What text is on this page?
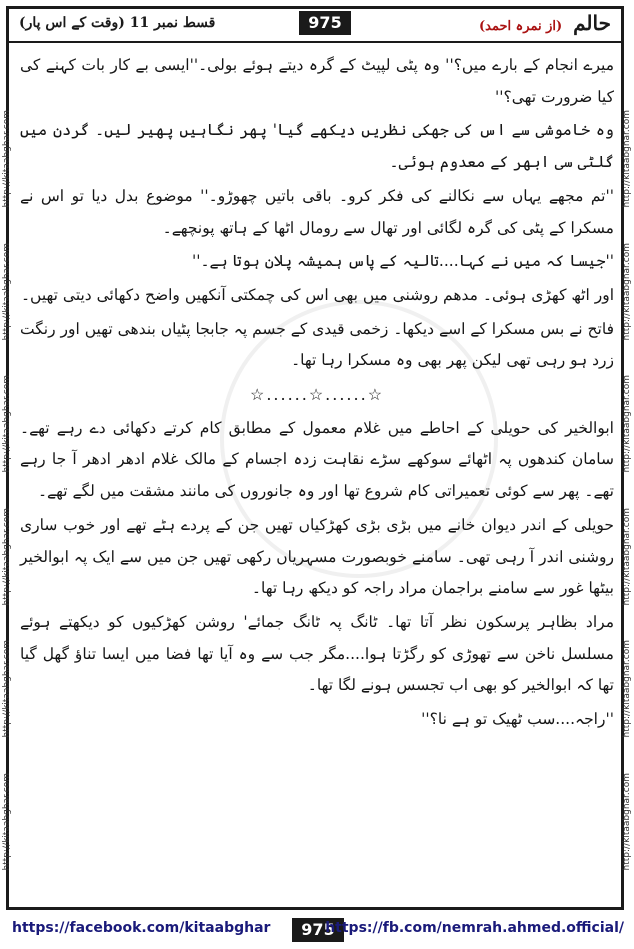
حالم (از نمرہ احمد)
975
قسط نمبر 11 (وقت کے اس پار)
http://kitaabghar.com
http://kitaabghar.com
http://kitaabghar.com
http://kitaabghar.com
http://kitaabghar.com
http://kitaabghar.com
http://kitaabghar.com
http://kitaabghar.com
http://kitaabghar.com
http://kitaabghar.com
http://kitaabghar.com
http://kitaabghar.com

میرے انجام کے بارے میں؟'' وہ پٹی لپیٹ کے گرہ دیتے ہوئے بولی۔''ایسی بے کار بات کہنے کی کیا ضرورت تھی؟''

وہ خاموشی سے اس کی جھکی نظریں دیکھے گیا' پھر نگاہیں پھیر لیں۔ گردن میں گلٹی سی ابھر کے معدوم ہوئی۔

''تم مجھے یہاں سے نکالنے کی فکر کرو۔ باقی باتیں چھوڑو۔'' موضوع بدل دیا تو اس نے مسکرا کے پٹی کی گرہ لگائی اور تھال سے رومال اٹھا کے ہاتھ پونچھے۔

''جیسا کہ میں نے کہا....تالیہ کے پاس ہمیشہ پلان ہوتا ہے۔''

اور اٹھ کھڑی ہوئی۔ مدھم روشنی میں بھی اس کی چمکتی آنکھیں واضح دکھائی دیتی تھیں۔

فاتح نے بس مسکرا کے اسے دیکھا۔ زخمی قیدی کے جسم پہ جابجا پٹیاں بندھی تھیں اور رنگت زرد ہو رہی تھی لیکن پھر بھی وہ مسکرا رہا تھا۔

☆......☆......☆

ابوالخیر کی حویلی کے احاطے میں غلام معمول کے مطابق کام کرتے دکھائی دے رہے تھے۔ سامان کندھوں پہ اٹھائے سوکھے سڑے نقاہت زدہ اجسام کے مالک غلام ادھر ادھر آ جا رہے تھے۔ پھر سے کوئی تعمیراتی کام شروع تھا اور وہ جانوروں کی مانند مشقت میں لگے تھے۔

حویلی کے اندر دیوان خانے میں بڑی بڑی کھڑکیاں تھیں جن کے پردے ہٹے تھے اور خوب ساری روشنی اندر آ رہی تھی۔ سامنے خوبصورت مسہریاں رکھی تھیں جن میں سے ایک پہ ابوالخیر بیٹھا غور سے سامنے براجمان مراد راجہ کو دیکھ رہا تھا۔

مراد بظاہر پرسکون نظر آتا تھا۔ ٹانگ پہ ٹانگ جمائے' روشن کھڑکیوں کو دیکھتے ہوئے مسلسل ناخن سے تھوڑی کو رگڑتا ہوا....مگر جب سے وہ آیا تھا فضا میں ایسا تناؤ گھل گیا تھا کہ ابوالخیر کو بھی اب تجسس ہونے لگا تھا۔

''راجہ....سب ٹھیک تو ہے نا؟''

https://facebook.com/kitaabghar	975
https://fb.com/nemrah.ahmed.official/
